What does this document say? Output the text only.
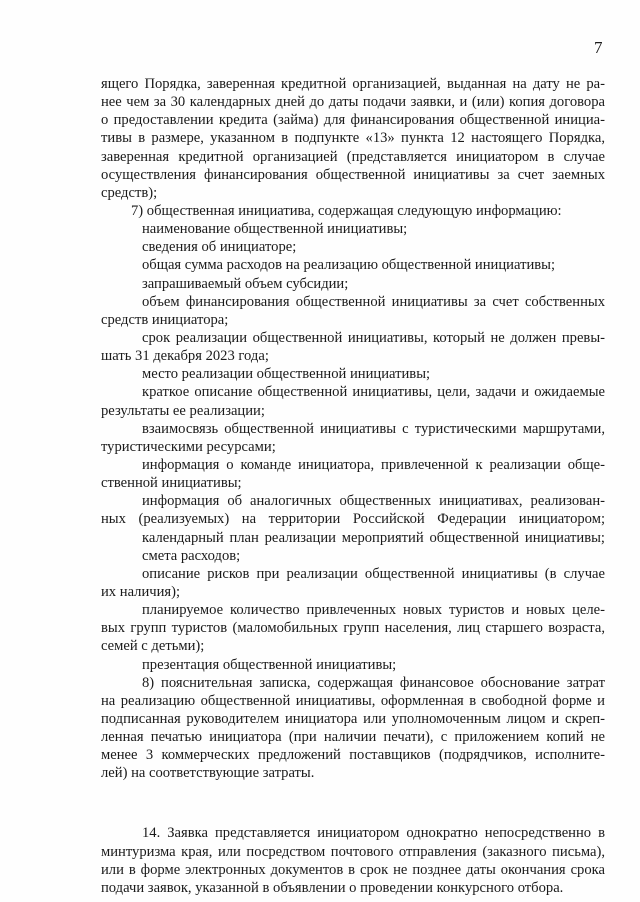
7
ящего Порядка, заверенная кредитной организацией, выданная на дату не ра-
нее чем за 30 календарных дней до даты подачи заявки, и (или) копия договора
о предоставлении кредита (займа) для финансирования общественной инициа-
тивы в размере, указанном в подпункте «13» пункта 12 настоящего Порядка,
заверенная кредитной организацией (представляется инициатором в случае
осуществления финансирования общественной инициативы за счет заемных
средств);
7) общественная инициатива, содержащая следующую информацию:
наименование общественной инициативы;
сведения об инициаторе;
общая сумма расходов на реализацию общественной инициативы;
запрашиваемый объем субсидии;
объем финансирования общественной инициативы за счет собственных
средств инициатора;
срок реализации общественной инициативы, который не должен превы-
шать 31 декабря 2023 года;
место реализации общественной инициативы;
краткое описание общественной инициативы, цели, задачи и ожидаемые
результаты ее реализации;
взаимосвязь общественной инициативы с туристическими маршрутами,
туристическими ресурсами;
информация о команде инициатора, привлеченной к реализации обще-
ственной инициативы;
информация об аналогичных общественных инициативах, реализован-
ных (реализуемых) на территории Российской Федерации инициатором;
календарный план реализации мероприятий общественной инициативы;
смета расходов;
описание рисков при реализации общественной инициативы (в случае
их наличия);
планируемое количество привлеченных новых туристов и новых целе-
вых групп туристов (маломобильных групп населения, лиц старшего возраста,
семей с детьми);
презентация общественной инициативы;
8) пояснительная записка, содержащая финансовое обоснование затрат
на реализацию общественной инициативы, оформленная в свободной форме и
подписанная руководителем инициатора или уполномоченным лицом и скреп-
ленная печатью инициатора (при наличии печати), с приложением копий не
менее 3 коммерческих предложений поставщиков (подрядчиков, исполните-
лей) на соответствующие затраты.
14. Заявка представляется инициатором однократно непосредственно в
минтуризма края, или посредством почтового отправления (заказного письма),
или в форме электронных документов в срок не позднее даты окончания срока
подачи заявок, указанной в объявлении о проведении конкурсного отбора.
